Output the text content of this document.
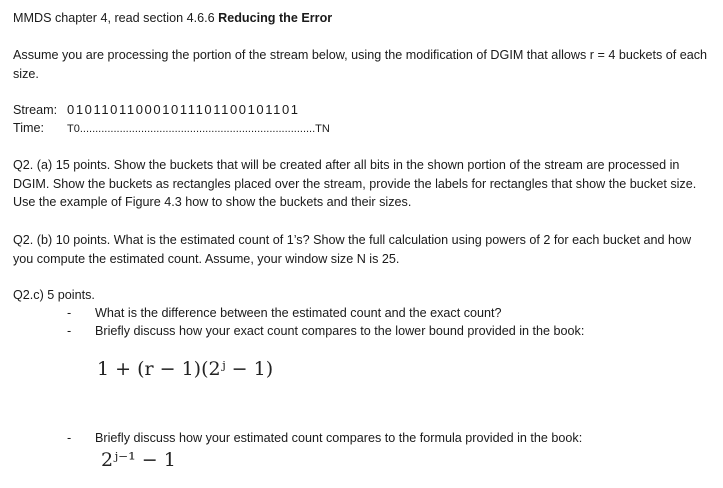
MMDS chapter 4, read section 4.6.6 Reducing the Error
Assume you are processing the portion of the stream below, using the modification of DGIM that allows r = 4 buckets of each size.
Stream: 010110110001011101100101101
Time: T0.............................................................................TN
Q2. (a) 15 points. Show the buckets that will be created after all bits in the shown portion of the stream are processed in DGIM. Show the buckets as rectangles placed over the stream, provide the labels for rectangles that show the bucket size. Use the example of Figure 4.3 how to show the buckets and their sizes.
Q2. (b) 10 points. What is the estimated count of 1’s? Show the full calculation using powers of 2 for each bucket and how you compute the estimated count. Assume, your window size N is 25.
Q2.c) 5 points.
- What is the difference between the estimated count and the exact count?
- Briefly discuss how your exact count compares to the lower bound provided in the book:
1 + (r − 1)(2ʲ − 1)
- Briefly discuss how your estimated count compares to the formula provided in the book:
2ʲ⁻¹ − 1
